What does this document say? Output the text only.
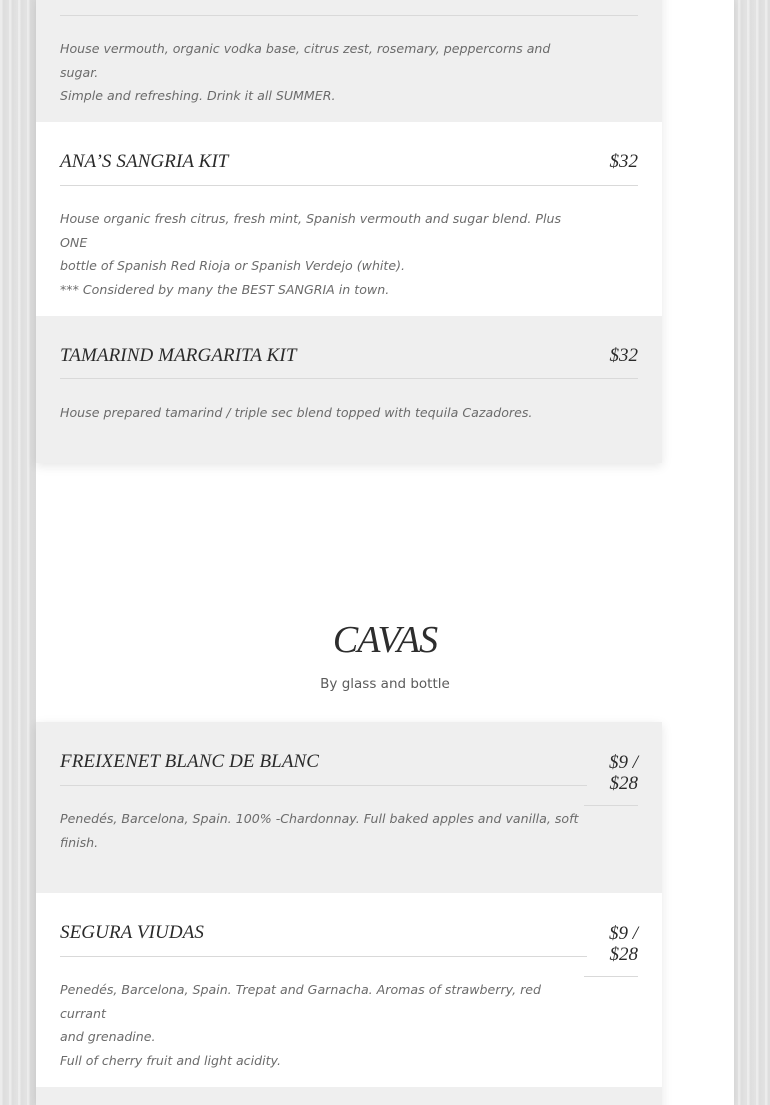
House vermouth, organic vodka base, citrus zest, rosemary, peppercorns and sugar.
Simple and refreshing. Drink it all SUMMER.
ANA’S SANGRIA KIT	$32
House organic fresh citrus, fresh mint, Spanish vermouth and sugar blend. Plus ONE
bottle of Spanish Red Rioja or Spanish Verdejo (white).
*** Considered by many the BEST SANGRIA in town.
TAMARIND MARGARITA KIT	$32
House prepared tamarind / triple sec blend topped with tequila Cazadores.
CAVAS
By glass and bottle
FREIXENET BLANC DE BLANC	$9 /
$28
Penedés, Barcelona, Spain. 100% -Chardonnay. Full baked apples and vanilla, soft
finish.
SEGURA VIUDAS	$9 /
$28
Penedés, Barcelona, Spain. Trepat and Garnacha. Aromas of strawberry, red currant
and grenadine.
Full of cherry fruit and light acidity.
